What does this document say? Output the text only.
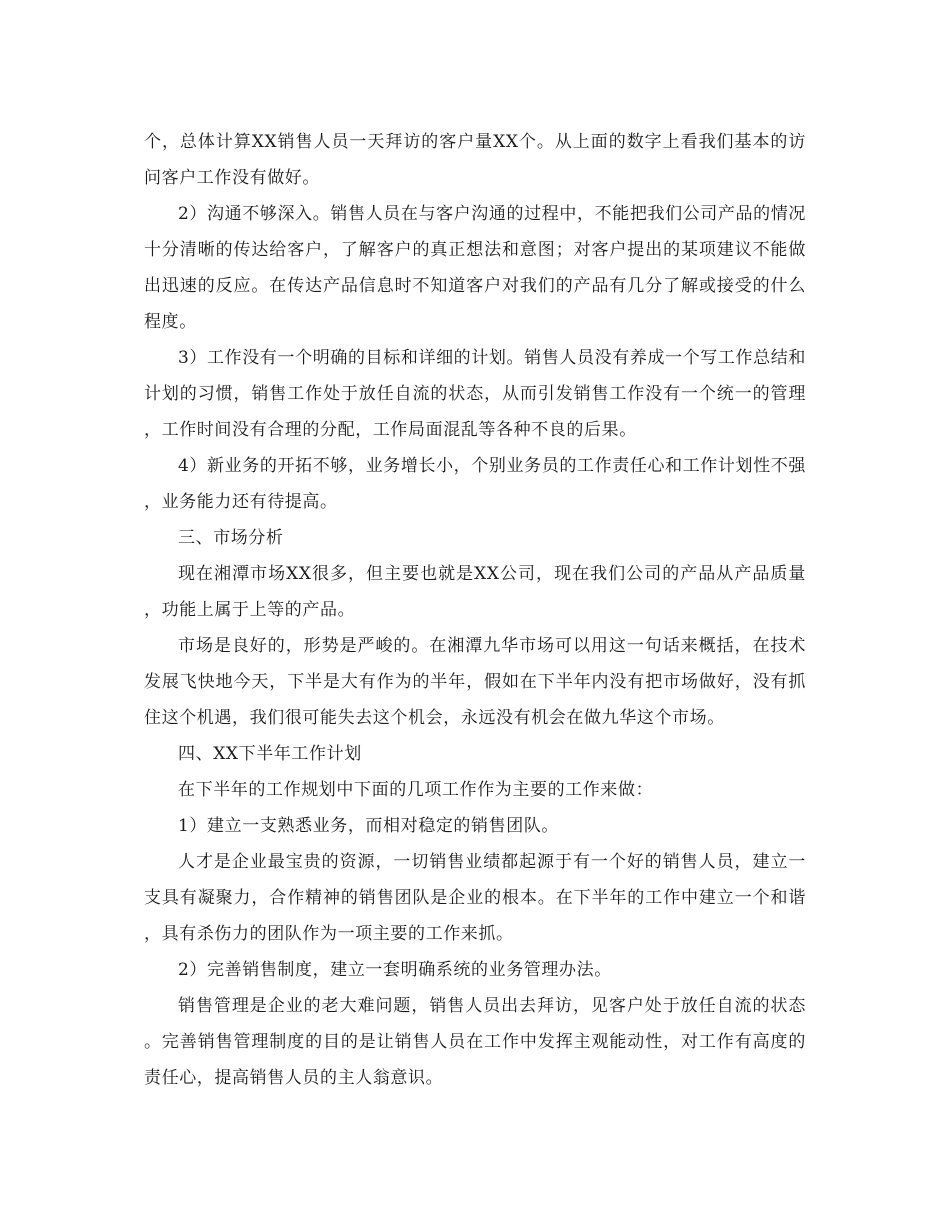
个，总体计算XX销售人员一天拜访的客户量XX个。从上面的数字上看我们基本的访问客户工作没有做好。

2）沟通不够深入。销售人员在与客户沟通的过程中，不能把我们公司产品的情况十分清晰的传达给客户，了解客户的真正想法和意图；对客户提出的某项建议不能做出迅速的反应。在传达产品信息时不知道客户对我们的产品有几分了解或接受的什么程度。

3）工作没有一个明确的目标和详细的计划。销售人员没有养成一个写工作总结和计划的习惯，销售工作处于放任自流的状态，从而引发销售工作没有一个统一的管理，工作时间没有合理的分配，工作局面混乱等各种不良的后果。

4）新业务的开拓不够，业务增长小，个别业务员的工作责任心和工作计划性不强，业务能力还有待提高。

三、市场分析

现在湘潭市场XX很多，但主要也就是XX公司，现在我们公司的产品从产品质量，功能上属于上等的产品。

市场是良好的，形势是严峻的。在湘潭九华市场可以用这一句话来概括，在技术发展飞快地今天，下半是大有作为的半年，假如在下半年内没有把市场做好，没有抓住这个机遇，我们很可能失去这个机会，永远没有机会在做九华这个市场。

四、XX下半年工作计划

在下半年的工作规划中下面的几项工作作为主要的工作来做：

1）建立一支熟悉业务，而相对稳定的销售团队。

人才是企业最宝贵的资源，一切销售业绩都起源于有一个好的销售人员，建立一支具有凝聚力，合作精神的销售团队是企业的根本。在下半年的工作中建立一个和谐，具有杀伤力的团队作为一项主要的工作来抓。

2）完善销售制度，建立一套明确系统的业务管理办法。

销售管理是企业的老大难问题，销售人员出去拜访，见客户处于放任自流的状态。完善销售管理制度的目的是让销售人员在工作中发挥主观能动性，对工作有高度的责任心，提高销售人员的主人翁意识。
